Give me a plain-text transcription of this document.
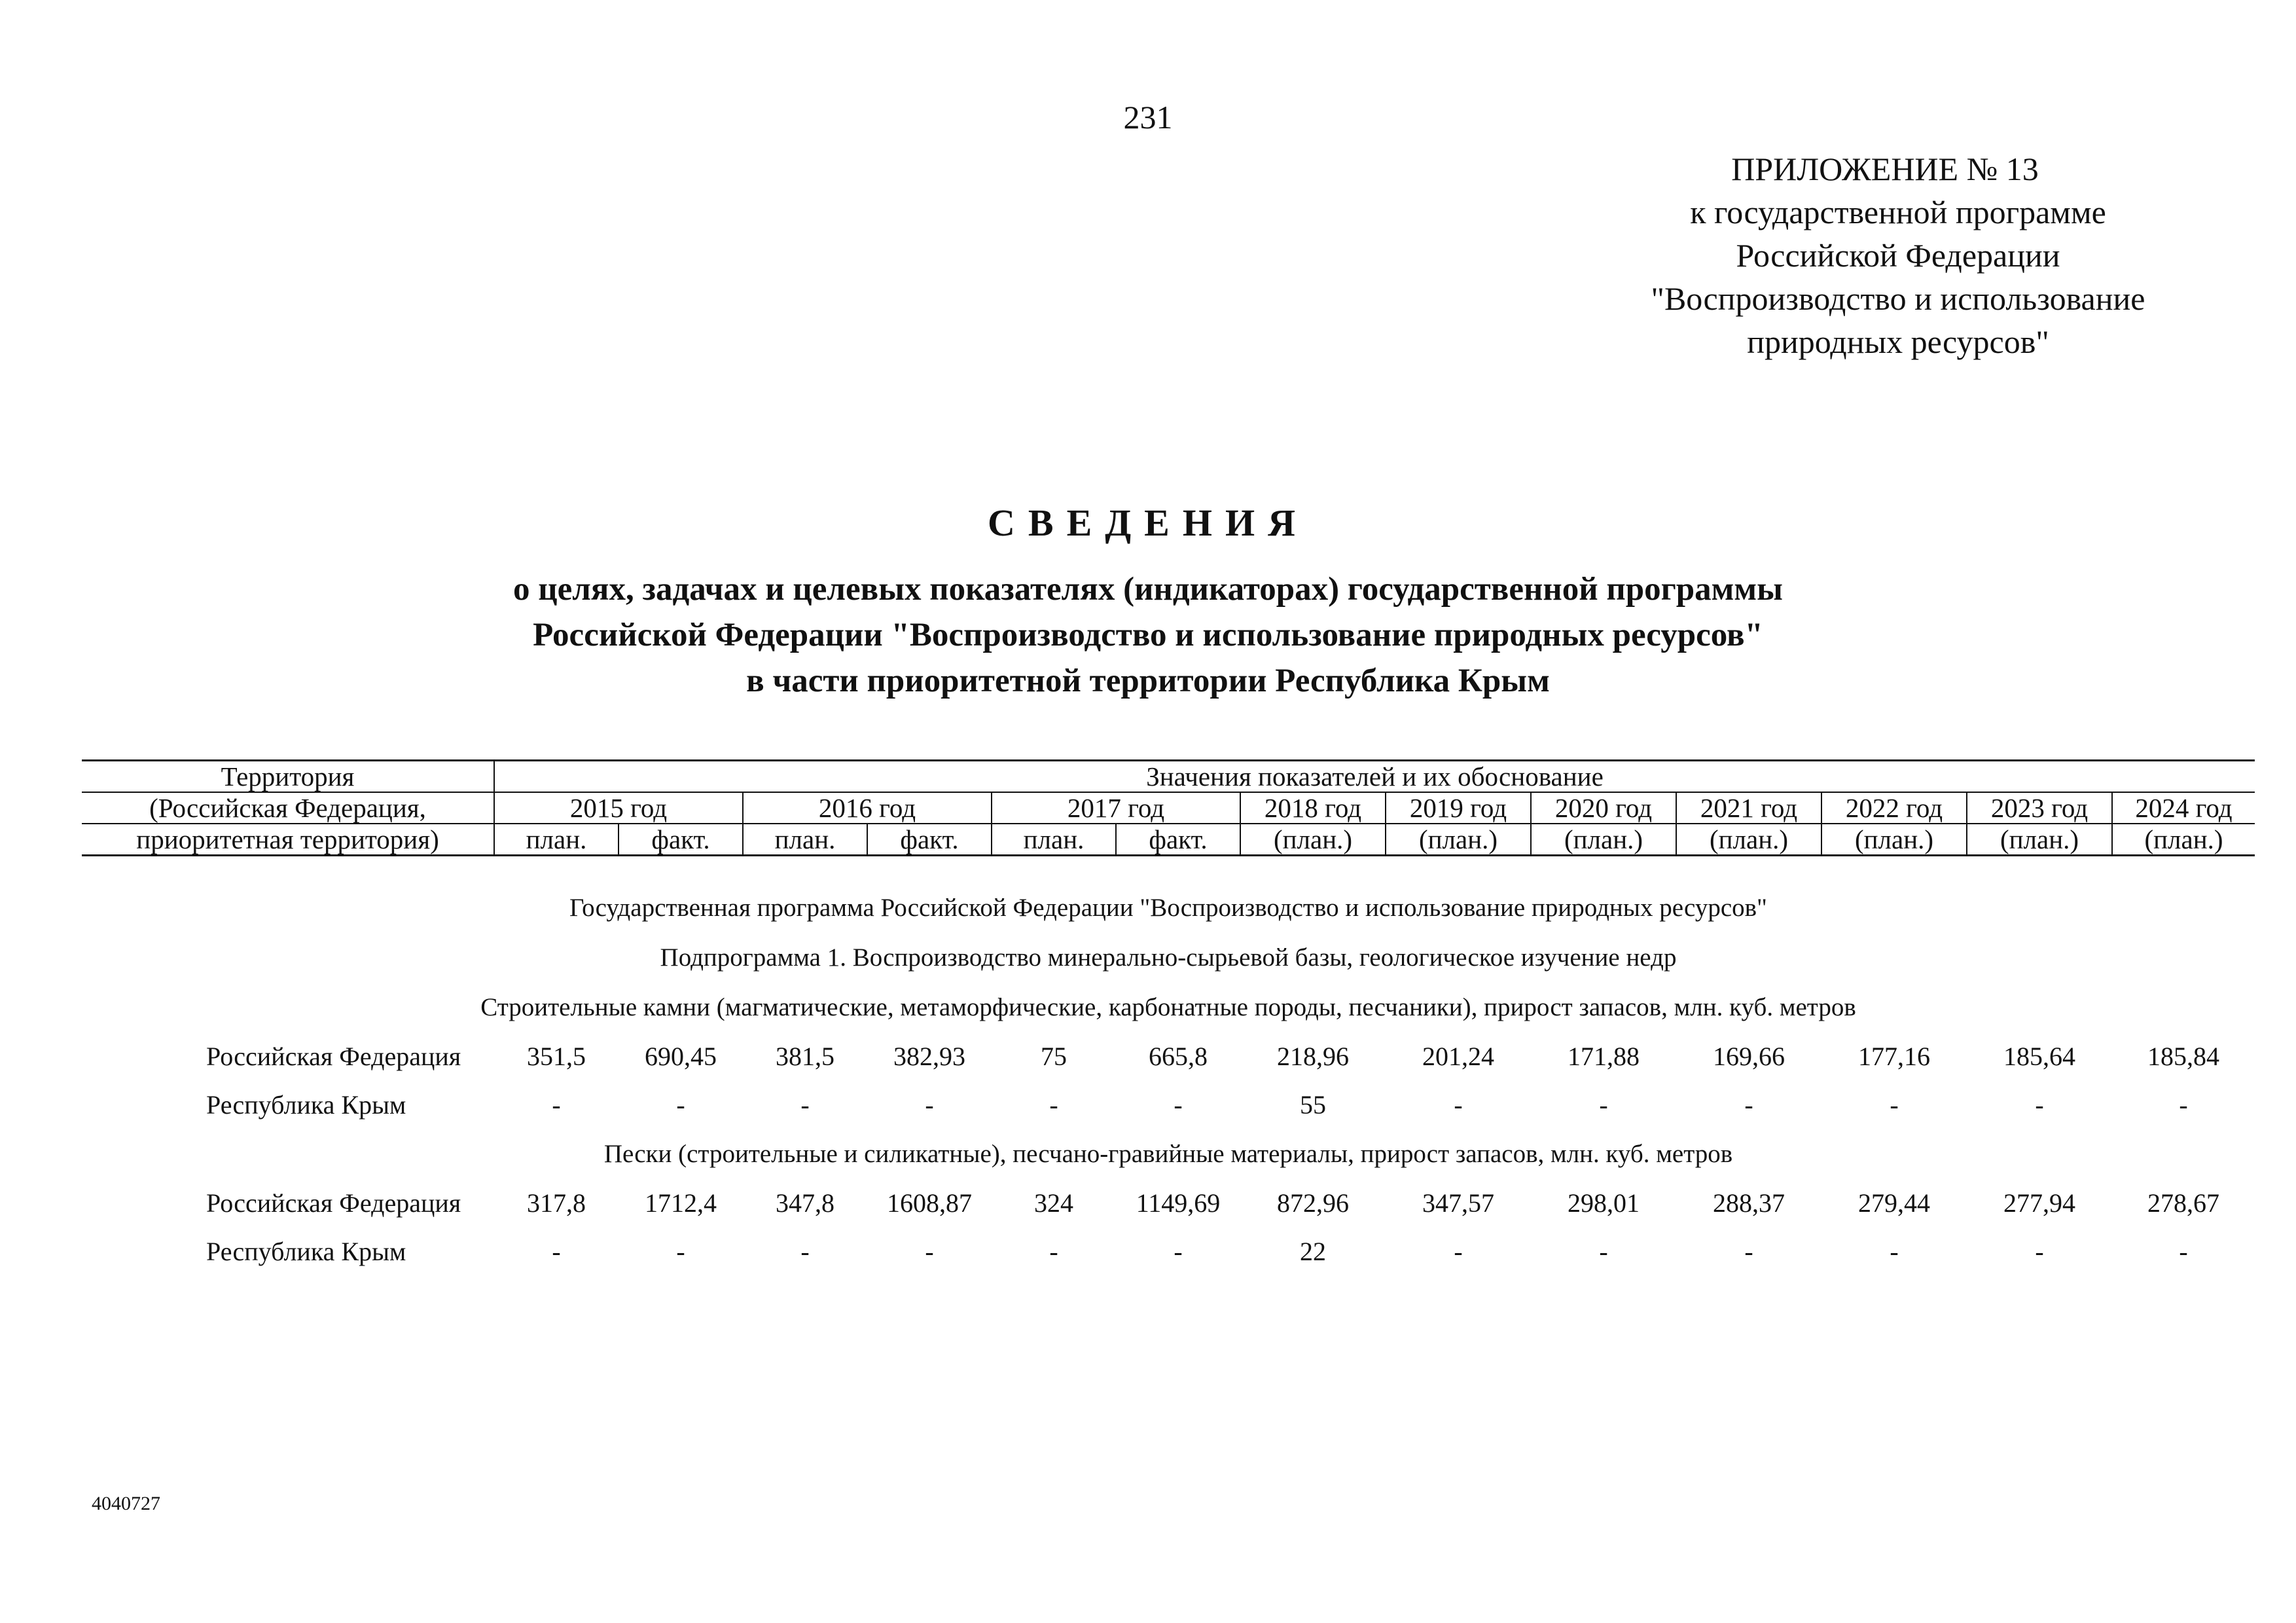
231
ПРИЛОЖЕНИЕ № 13
к государственной программе
Российской Федерации
"Воспроизводство и использование
природных ресурсов"
СВЕДЕНИЯ
о целях, задачах и целевых показателях (индикаторах) государственной программы
Российской Федерации "Воспроизводство и использование природных ресурсов"
в части приоритетной территории Республика Крым
Территория	Значения показателей и их обоснование												
(Российская Федерация,	2015 год		2016 год		2017 год		2018 год	2019 год	2020 год	2021 год	2022 год	2023 год	2024 год
приоритетная территория)	план.	факт.	план.	факт.	план.	факт.	(план.)	(план.)	(план.)	(план.)	(план.)	(план.)	(план.)

Государственная программа Российской Федерации "Воспроизводство и использование природных ресурсов"													
Подпрограмма 1. Воспроизводство минерально-сырьевой базы, геологическое изучение недр													
Строительные камни (магматические, метаморфические, карбонатные породы, песчаники), прирост запасов, млн. куб. метров													
Российская Федерация	351,5	690,45	381,5	382,93	75	665,8	218,96	201,24	171,88	169,66	177,16	185,64	185,84
Республика Крым	-	-	-	-	-	-	55	-	-	-	-	-	-
Пески (строительные и силикатные), песчано-гравийные материалы, прирост запасов, млн. куб. метров													
Российская Федерация	317,8	1712,4	347,8	1608,87	324	1149,69	872,96	347,57	298,01	288,37	279,44	277,94	278,67
Республика Крым	-	-	-	-	-	-	22	-	-	-	-	-	-
4040727
